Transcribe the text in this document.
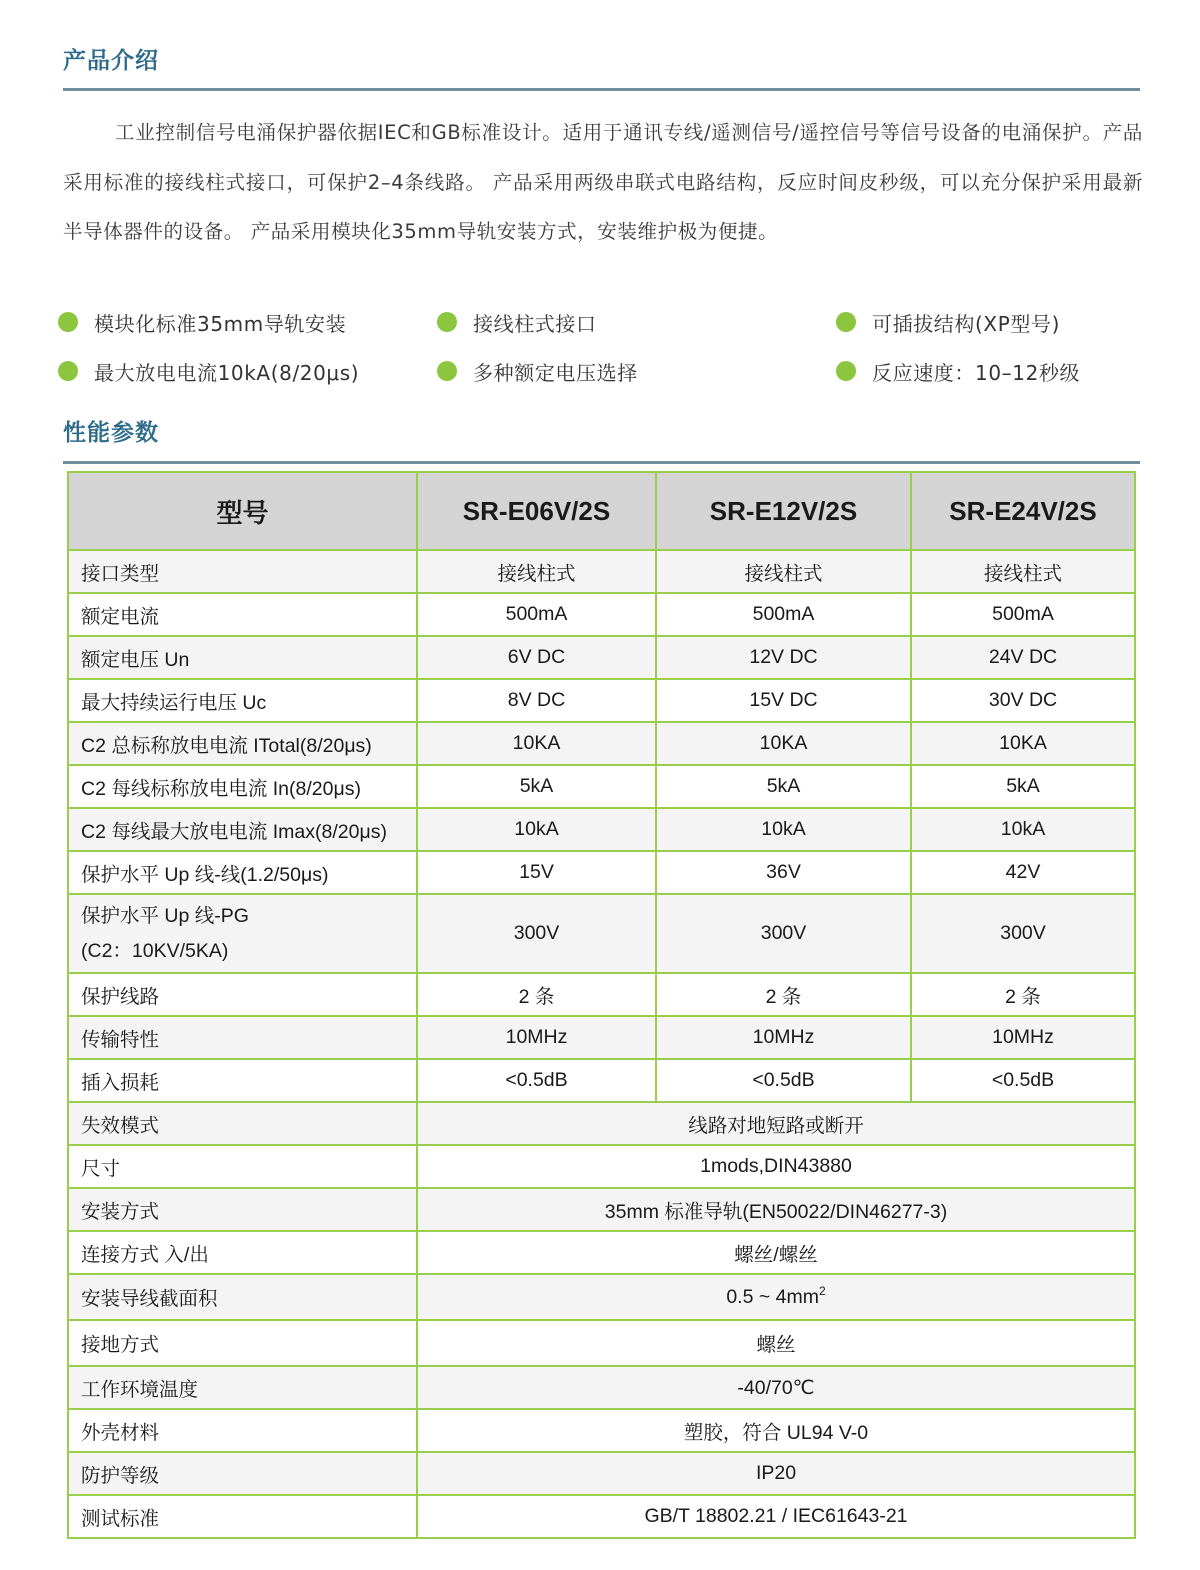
产品介绍
工业控制信号电涌保护器依据IEC和GB标准设计。适用于通讯专线/遥测信号/遥控信号等信号设备的电涌保护。产品采用标准的接线柱式接口，可保护2–4条线路。 产品采用两级串联式电路结构，反应时间皮秒级，可以充分保护采用最新半导体器件的设备。 产品采用模块化35mm导轨安装方式，安装维护极为便捷。
模块化标准35mm导轨安装	接线柱式接口	可插拔结构(XP型号)
最大放电电流10kA(8/20μs)	多种额定电压选择	反应速度：10–12秒级
性能参数
型号	SR-E06V/2S	SR-E12V/2S	SR-E24V/2S
接口类型	接线柱式	接线柱式	接线柱式
额定电流	500mA	500mA	500mA
额定电压 Un	6V DC	12V DC	24V DC
最大持续运行电压 Uc	8V DC	15V DC	30V DC
C2 总标称放电电流 ITotal(8/20μs)	10KA	10KA	10KA
C2 每线标称放电电流 In(8/20μs)	5kA	5kA	5kA
C2 每线最大放电电流 Imax(8/20μs)	10kA	10kA	10kA
保护水平 Up 线-线(1.2/50μs)	15V	36V	42V

保护水平 Up 线-PG
(C2：10KV/5KA)	300V	300V	300V
保护线路	2 条	2 条	2 条
传输特性	10MHz	10MHz	10MHz
插入损耗	<0.5dB	<0.5dB	<0.5dB
失效模式	线路对地短路或断开		
尺寸	1mods,DIN43880		
安装方式	35mm 标准导轨(EN50022/DIN46277-3)		
连接方式 入/出	螺丝/螺丝		
安装导线截面积	0.5 ~ $4mm^2$
接地方式	螺丝		
工作环境温度	-40/70℃		
外壳材料	塑胶，符合 UL94 V-0		
防护等级	IP20		
测试标准	GB/T 18802.21 / IEC61643-21		
